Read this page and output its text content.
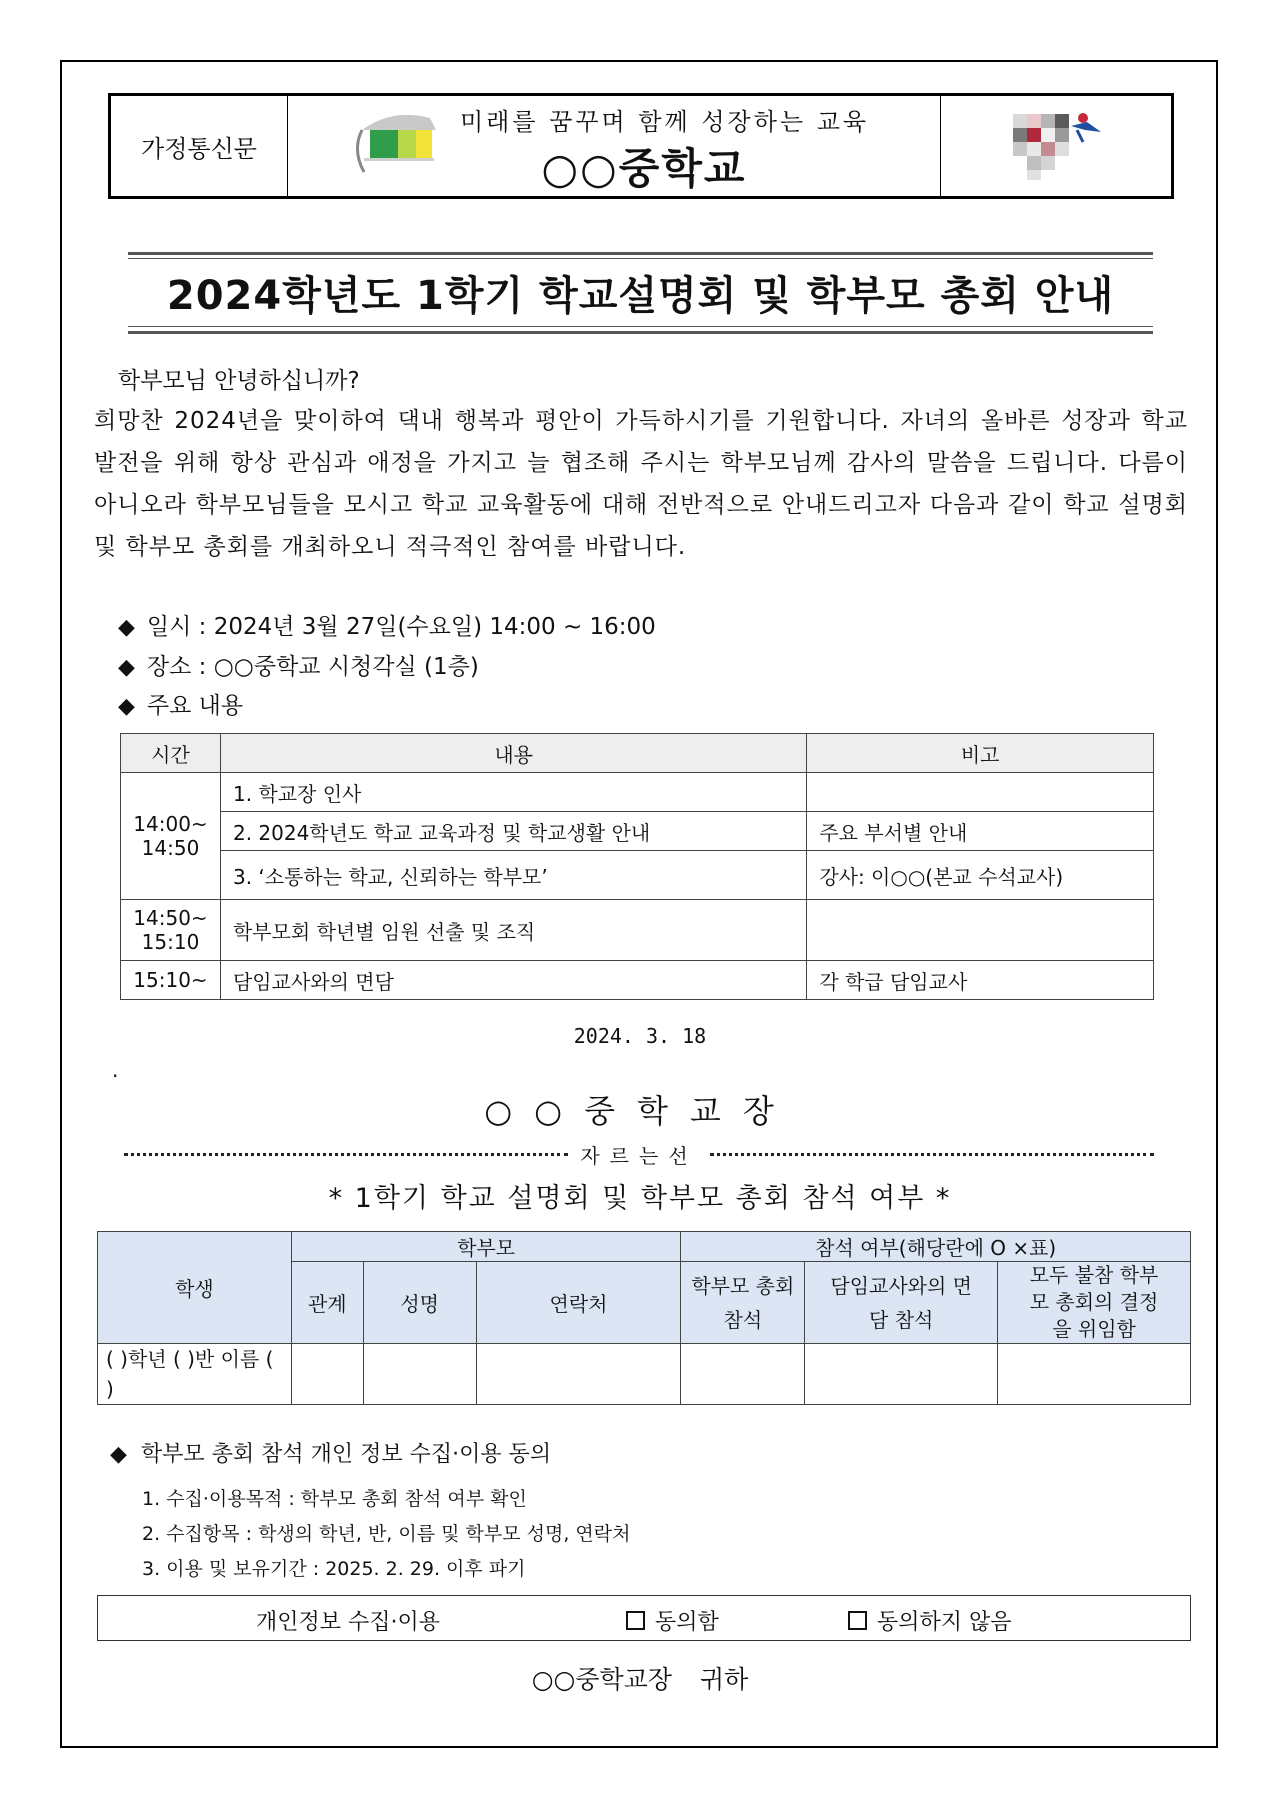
가정통신문
미래를 꿈꾸며 함께 성장하는 교육
○○중학교
2024학년도 1학기 학교설명회 및 학부모 총회 안내
학부모님 안녕하십니까?
희망찬 2024년을 맞이하여 댁내 행복과 평안이 가득하시기를 기원합니다. 자녀의 올바른 성장과 학교 발전을 위해 항상 관심과 애정을 가지고 늘 협조해 주시는 학부모님께 감사의 말씀을 드립니다. 다름이 아니오라 학부모님들을 모시고 학교 교육활동에 대해 전반적으로 안내드리고자 다음과 같이 학교 설명회 및 학부모 총회를 개최하오니 적극적인 참여를 바랍니다.
◆ 일시 : 2024년 3월 27일(수요일) 14:00 ~ 16:00
◆ 장소 : ○○중학교 시청각실 (1층)
◆ 주요 내용
시간	내용	비고
14:00~ 14:50	1. 학교장 인사	
	2. 2024학년도 학교 교육과정 및 학교생활 안내	주요 부서별 안내
	3. ‘소통하는 학교, 신뢰하는 학부모’	강사: 이○○(본교 수석교사)
14:50~ 15:10	학부모회 학년별 임원 선출 및 조직	
15:10~	담임교사와의 면담	각 학급 담임교사
2024. 3. 18
.
○○중학교장
자르는선
* 1학기 학교 설명회 및 학부모 총회 참석 여부 *
학생	학부모			참석 여부(해당란에 O ×표)		
	관계	성명	연락처	학부모 총회 참석	담임교사와의 면담 참석	모두 불참 학부모 총회의 결정을 위임함
( )학년 ( )반 이름 ( )						
◆ 학부모 총회 참석 개인 정보 수집·이용 동의
1. 수집·이용목적 : 학부모 총회 참석 여부 확인
2. 수집항목 : 학생의 학년, 반, 이름 및 학부모 성명, 연락처
3. 이용 및 보유기간 : 2025. 2. 29. 이후 파기
개인정보 수집·이용	동의함	동의하지 않음
○○중학교장 귀하
